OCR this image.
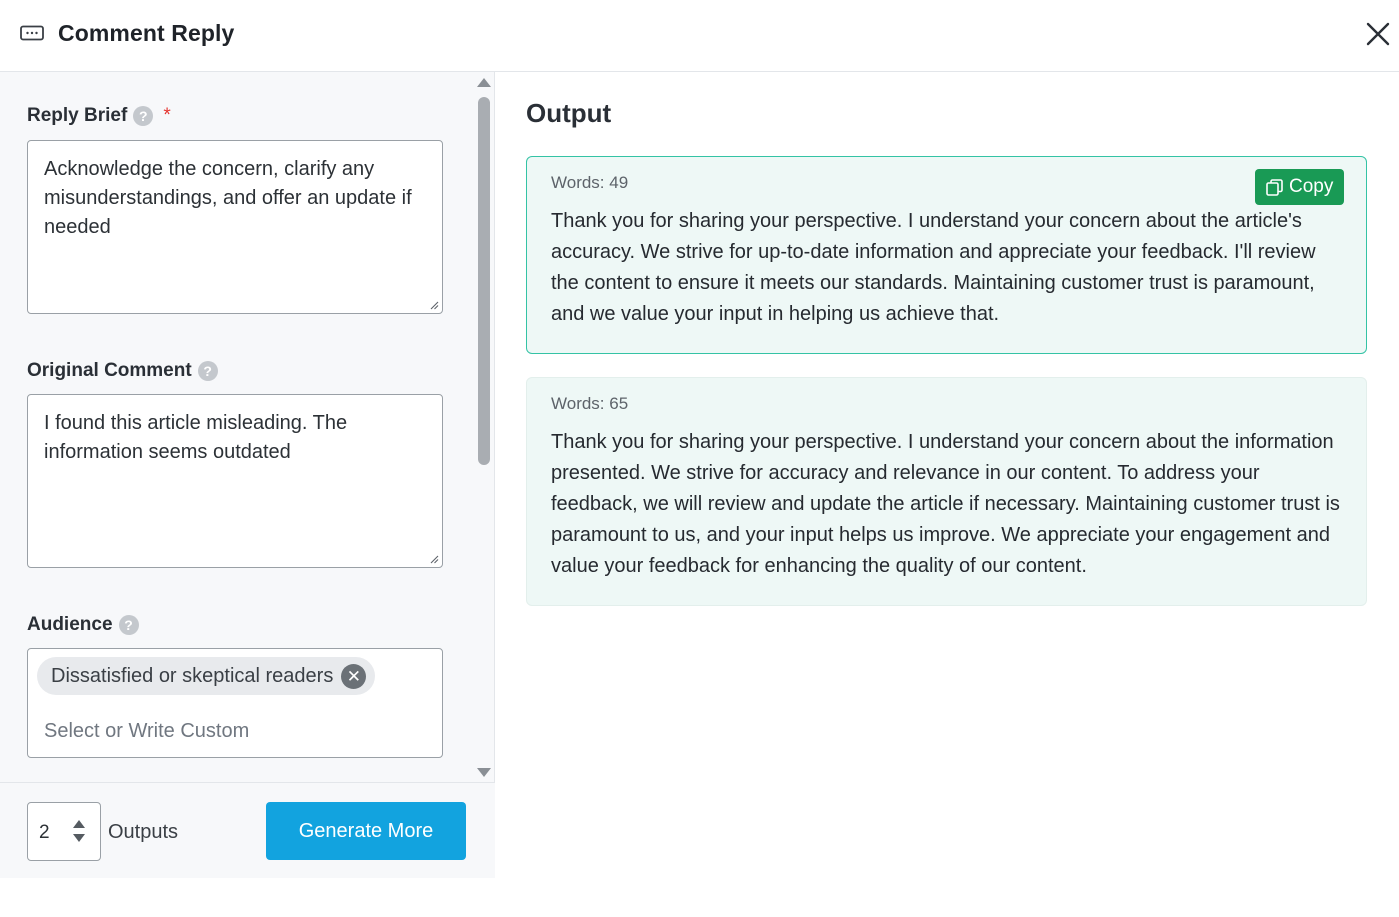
Comment Reply
Reply Brief ? *
Acknowledge the concern, clarify any misunderstandings, and offer an update if needed
Original Comment ?
I found this article misleading. The information seems outdated
Audience ?
Dissatisfied or skeptical readers ✕
Select or Write Custom
2	Outputs	Generate More
Output
Words: 49	Copy
Thank you for sharing your perspective. I understand your concern about the article's accuracy. We strive for up-to-date information and appreciate your feedback. I'll review the content to ensure it meets our standards. Maintaining customer trust is paramount, and we value your input in helping us achieve that.
Words: 65
Thank you for sharing your perspective. I understand your concern about the information presented. We strive for accuracy and relevance in our content. To address your feedback, we will review and update the article if necessary. Maintaining customer trust is paramount to us, and your input helps us improve. We appreciate your engagement and value your feedback for enhancing the quality of our content.
